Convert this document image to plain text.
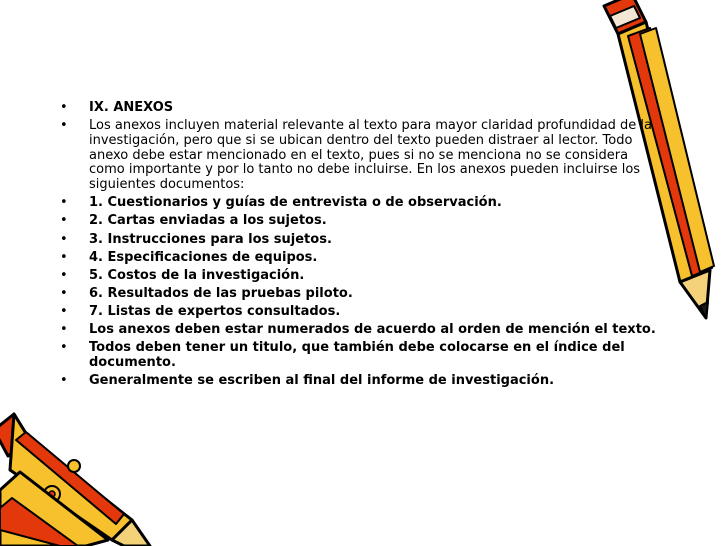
• IX. ANEXOS
• Los anexos incluyen material relevante al texto para mayor claridad profundidad de la investigación, pero que si se ubican dentro del texto pueden distraer al lector. Todo anexo debe estar mencionado en el texto, pues si no se menciona no se considera como importante y por lo tanto no debe incluirse. En los anexos pueden incluirse los siguientes documentos:
• 1. Cuestionarios y guías de entrevista o de observación.
• 2. Cartas enviadas a los sujetos.
• 3. Instrucciones para los sujetos.
• 4. Especificaciones de equipos.
• 5. Costos de la investigación.
• 6. Resultados de las pruebas piloto.
• 7. Listas de expertos consultados.
• Los anexos deben estar numerados de acuerdo al orden de mención el texto.
• Todos deben tener un titulo, que también debe colocarse en el índice del documento.
• Generalmente se escriben al final del informe de investigación.
